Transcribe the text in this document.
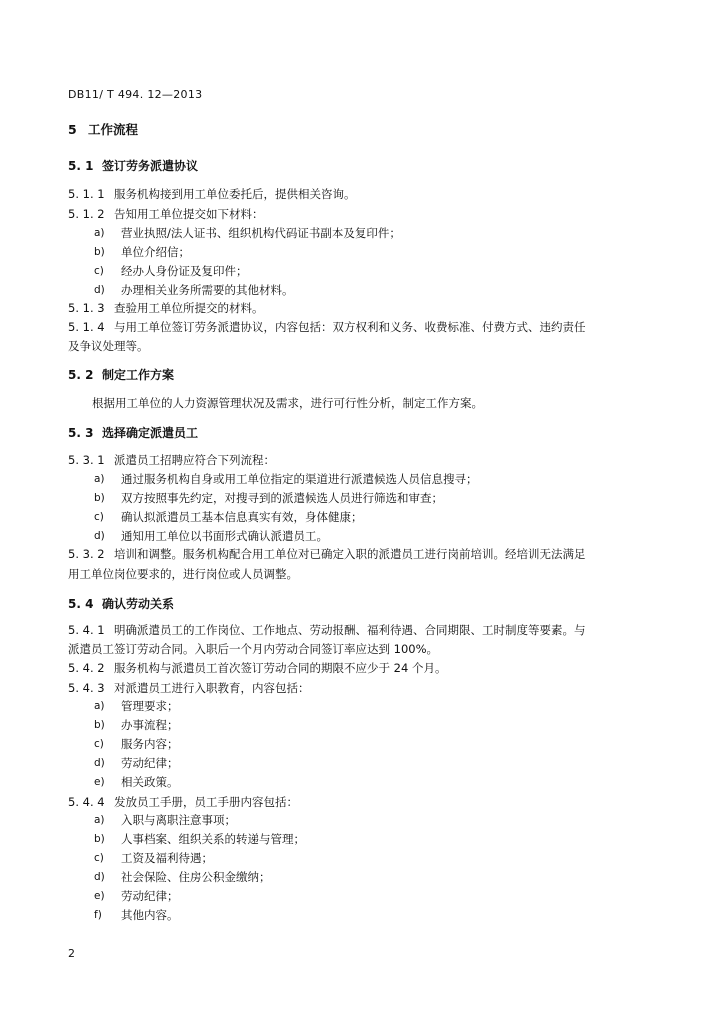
DB11/ T 494. 12—2013
5 工作流程
5. 1 签订劳务派遣协议
5. 1. 1 服务机构接到用工单位委托后，提供相关咨询。
5. 1. 2 告知用工单位提交如下材料：
a) 营业执照/法人证书、组织机构代码证书副本及复印件；
b) 单位介绍信；
c) 经办人身份证及复印件；
d) 办理相关业务所需要的其他材料。
5. 1. 3 查验用工单位所提交的材料。
5. 1. 4 与用工单位签订劳务派遣协议，内容包括：双方权利和义务、收费标准、付费方式、违约责任
及争议处理等。
5. 2 制定工作方案
根据用工单位的人力资源管理状况及需求，进行可行性分析，制定工作方案。
5. 3 选择确定派遣员工
5. 3. 1 派遣员工招聘应符合下列流程：
a) 通过服务机构自身或用工单位指定的渠道进行派遣候选人员信息搜寻；
b) 双方按照事先约定，对搜寻到的派遣候选人员进行筛选和审查；
c) 确认拟派遣员工基本信息真实有效，身体健康；
d) 通知用工单位以书面形式确认派遣员工。
5. 3. 2 培训和调整。服务机构配合用工单位对已确定入职的派遣员工进行岗前培训。经培训无法满足
用工单位岗位要求的，进行岗位或人员调整。
5. 4 确认劳动关系
5. 4. 1 明确派遣员工的工作岗位、工作地点、劳动报酬、福利待遇、合同期限、工时制度等要素。与
派遣员工签订劳动合同。入职后一个月内劳动合同签订率应达到 100%。
5. 4. 2 服务机构与派遣员工首次签订劳动合同的期限不应少于 24 个月。
5. 4. 3 对派遣员工进行入职教育，内容包括：
a) 管理要求；
b) 办事流程；
c) 服务内容；
d) 劳动纪律；
e) 相关政策。
5. 4. 4 发放员工手册，员工手册内容包括：
a) 入职与离职注意事项；
b) 人事档案、组织关系的转递与管理；
c) 工资及福利待遇；
d) 社会保险、住房公积金缴纳；
e) 劳动纪律；
f) 其他内容。
2
